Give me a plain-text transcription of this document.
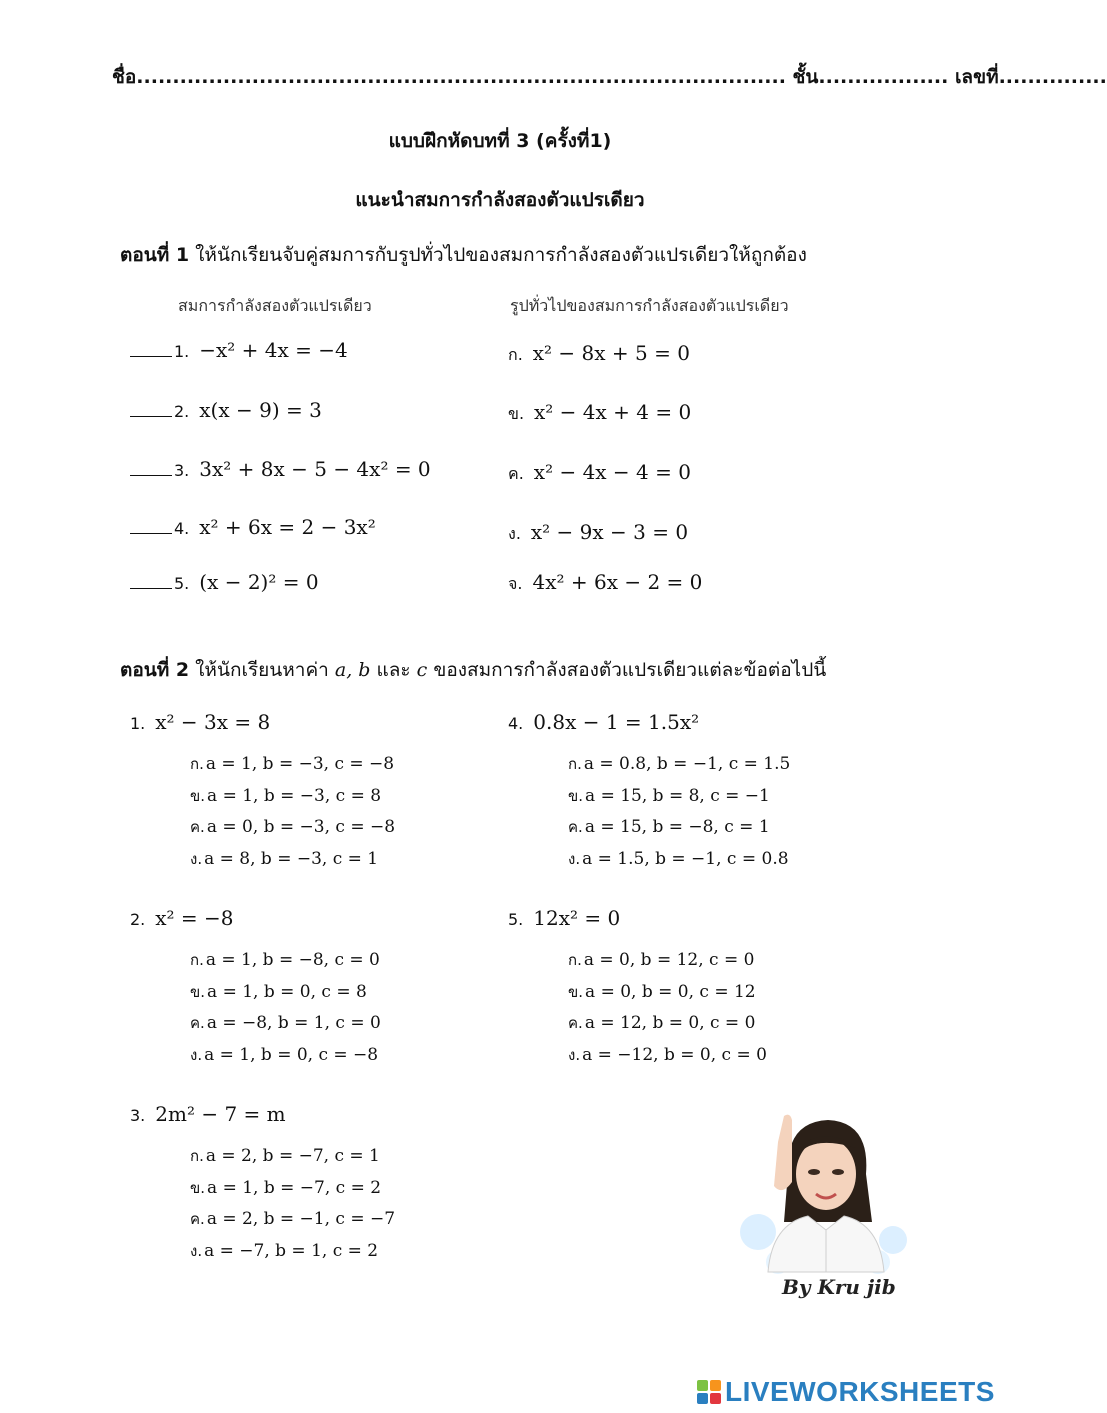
ชื่อ.......................................................................................... ชั้น.................. เลขที่...............
แบบฝึกหัดบทที่ 3 (ครั้งที่1)
แนะนำสมการกำลังสองตัวแปรเดียว
ตอนที่ 1 ให้นักเรียนจับคู่สมการกับรูปทั่วไปของสมการกำลังสองตัวแปรเดียวให้ถูกต้อง
สมการกำลังสองตัวแปรเดียว	รูปทั่วไปของสมการกำลังสองตัวแปรเดียว
1. −x² + 4x = −4
2. x(x − 9) = 3
3. 3x² + 8x − 5 − 4x² = 0
4. x² + 6x = 2 − 3x²
5. (x − 2)² = 0
ก. x² − 8x + 5 = 0
ข. x² − 4x + 4 = 0
ค. x² − 4x − 4 = 0
ง. x² − 9x − 3 = 0
จ. 4x² + 6x − 2 = 0
ตอนที่ 2 ให้นักเรียนหาค่า a, b และ c ของสมการกำลังสองตัวแปรเดียวแต่ละข้อต่อไปนี้
1. x² − 3x = 8
ก. a = 1, b = −3, c = −8
ข. a = 1, b = −3, c = 8
ค. a = 0, b = −3, c = −8
ง. a = 8, b = −3, c = 1
2. x² = −8
ก. a = 1, b = −8, c = 0
ข. a = 1, b = 0, c = 8
ค. a = −8, b = 1, c = 0
ง. a = 1, b = 0, c = −8
3. 2m² − 7 = m
ก. a = 2, b = −7, c = 1
ข. a = 1, b = −7, c = 2
ค. a = 2, b = −1, c = −7
ง. a = −7, b = 1, c = 2
4. 0.8x − 1 = 1.5x²
ก. a = 0.8, b = −1, c = 1.5
ข. a = 15, b = 8, c = −1
ค. a = 15, b = −8, c = 1
ง. a = 1.5, b = −1, c = 0.8
5. 12x² = 0
ก. a = 0, b = 12, c = 0
ข. a = 0, b = 0, c = 12
ค. a = 12, b = 0, c = 0
ง. a = −12, b = 0, c = 0
By Kru jib
LIVEWORKSHEETS
